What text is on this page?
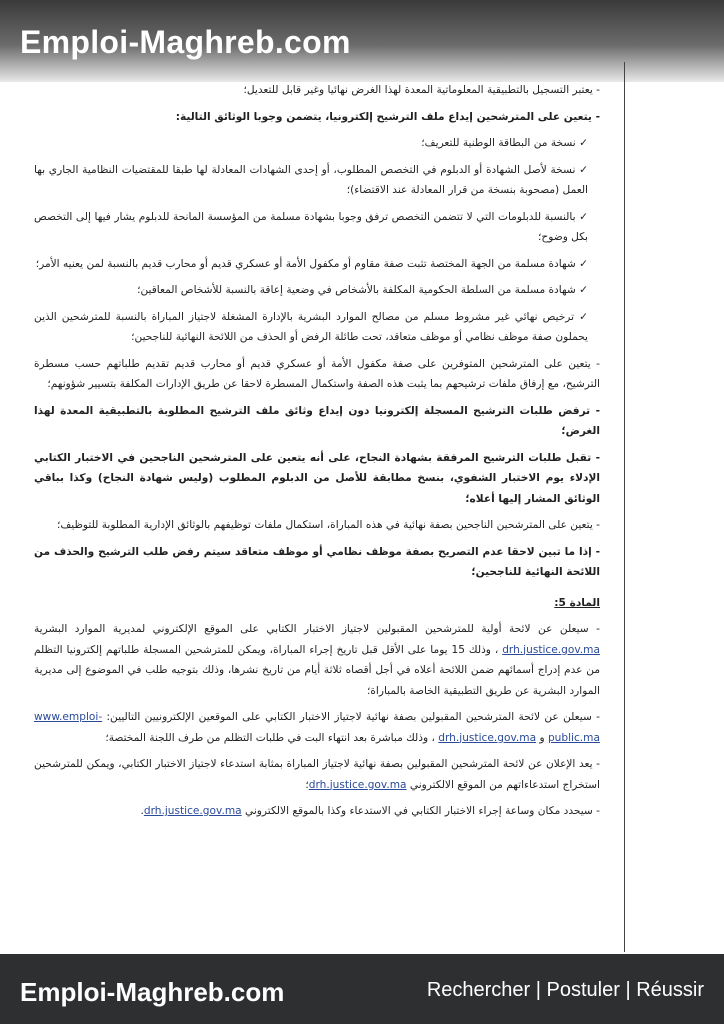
Emploi-Maghreb.com

- يعتبر التسجيل بالتطبيقية المعلوماتية المعدة لهذا الغرض نهائيا وغير قابل للتعديل؛

- يتعين على المترشحين إيداع ملف الترشيح إلكترونيا، يتضمن وجوبا الوثائق التالية:

✓ نسخة من البطاقة الوطنية للتعريف؛

✓ نسخة لأصل الشهادة أو الدبلوم في التخصص المطلوب، أو إحدى الشهادات المعادلة لها طبقا للمقتضيات النظامية الجاري بها العمل (مصحوبة بنسخة من قرار المعادلة عند الاقتضاء)؛

✓ بالنسبة للدبلومات التي لا تتضمن التخصص ترفق وجوبا بشهادة مسلمة من المؤسسة المانحة للدبلوم يشار فيها إلى التخصص بكل وضوح؛

✓ شهادة مسلمة من الجهة المختصة تثبت صفة مقاوم أو مكفول الأمة أو عسكري قديم أو محارب قديم بالنسبة لمن يعنيه الأمر؛

✓ شهادة مسلمة من السلطة الحكومية المكلفة بالأشخاص في وضعية إعاقة بالنسبة للأشخاص المعاقين؛

✓ ترخيص نهائي غير مشروط مسلم من مصالح الموارد البشرية بالإدارة المشغلة لاجتياز المباراة بالنسبة للمترشحين الذين يحملون صفة موظف نظامي أو موظف متعاقد، تحت طائلة الرفض أو الحذف من اللائحة النهائية للناجحين؛

- يتعين على المترشحين المتوفرين على صفة مكفول الأمة أو عسكري قديم أو محارب قديم تقديم طلباتهم حسب مسطرة الترشيح، مع إرفاق ملفات ترشيحهم بما يثبت هذه الصفة واستكمال المسطرة لاحقا عن طريق الإدارات المكلفة بتسيير شؤونهم؛

- ترفض طلبات الترشيح المسجلة إلكترونيا دون إيداع وثائق ملف الترشيح المطلوبة بالتطبيقية المعدة لهذا الغرض؛

- تقبل طلبات الترشيح المرفقة بشهادة النجاح، على أنه يتعين على المترشحين الناجحين في الاختبار الكتابي الإدلاء يوم الاختبار الشفوي، بنسخ مطابقة للأصل من الدبلوم المطلوب (وليس شهادة النجاح) وكذا بباقي الوثائق المشار إليها أعلاه؛

- يتعين على المترشحين الناجحين بصفة نهائية في هذه المباراة، استكمال ملفات توظيفهم بالوثائق الإدارية المطلوبة للتوظيف؛

- إذا ما تبين لاحقا عدم التصريح بصفة موظف نظامي أو موظف متعاقد سيتم رفض طلب الترشيح والحذف من اللائحة النهائية للناجحين؛

المادة 5:

- سيعلن عن لائحة أولية للمترشحين المقبولين لاجتياز الاختبار الكتابي على الموقع الإلكتروني لمديرية الموارد البشرية drh.justice.gov.ma ، وذلك 15 يوما على الأقل قبل تاريخ إجراء المباراة، ويمكن للمترشحين المسجلة طلباتهم إلكترونيا التظلم من عدم إدراج أسمائهم ضمن اللائحة أعلاه في أجل أقصاه ثلاثة أيام من تاريخ نشرها، وذلك بتوجيه طلب في الموضوع إلى مديرية الموارد البشرية عن طريق التطبيقية الخاصة بالمباراة؛

- سيعلن عن لائحة المترشحين المقبولين بصفة نهائية لاجتياز الاختبار الكتابي على الموقعين الإلكترونيين التاليين: www.emploi-public.ma و drh.justice.gov.ma ، وذلك مباشرة بعد انتهاء البت في طلبات التظلم من طرف اللجنة المختصة؛

- يعد الإعلان عن لائحة المترشحين المقبولين بصفة نهائية لاجتياز المباراة بمثابة استدعاء لاجتياز الاختبار الكتابي، ويمكن للمترشحين استخراج استدعاءاتهم من الموقع الالكتروني drh.justice.gov.ma؛

- سيحدد مكان وساعة إجراء الاختبار الكتابي في الاستدعاء وكذا بالموقع الالكتروني drh.justice.gov.ma.

Emploi-Maghreb.com	Rechercher | Postuler | Réussir
